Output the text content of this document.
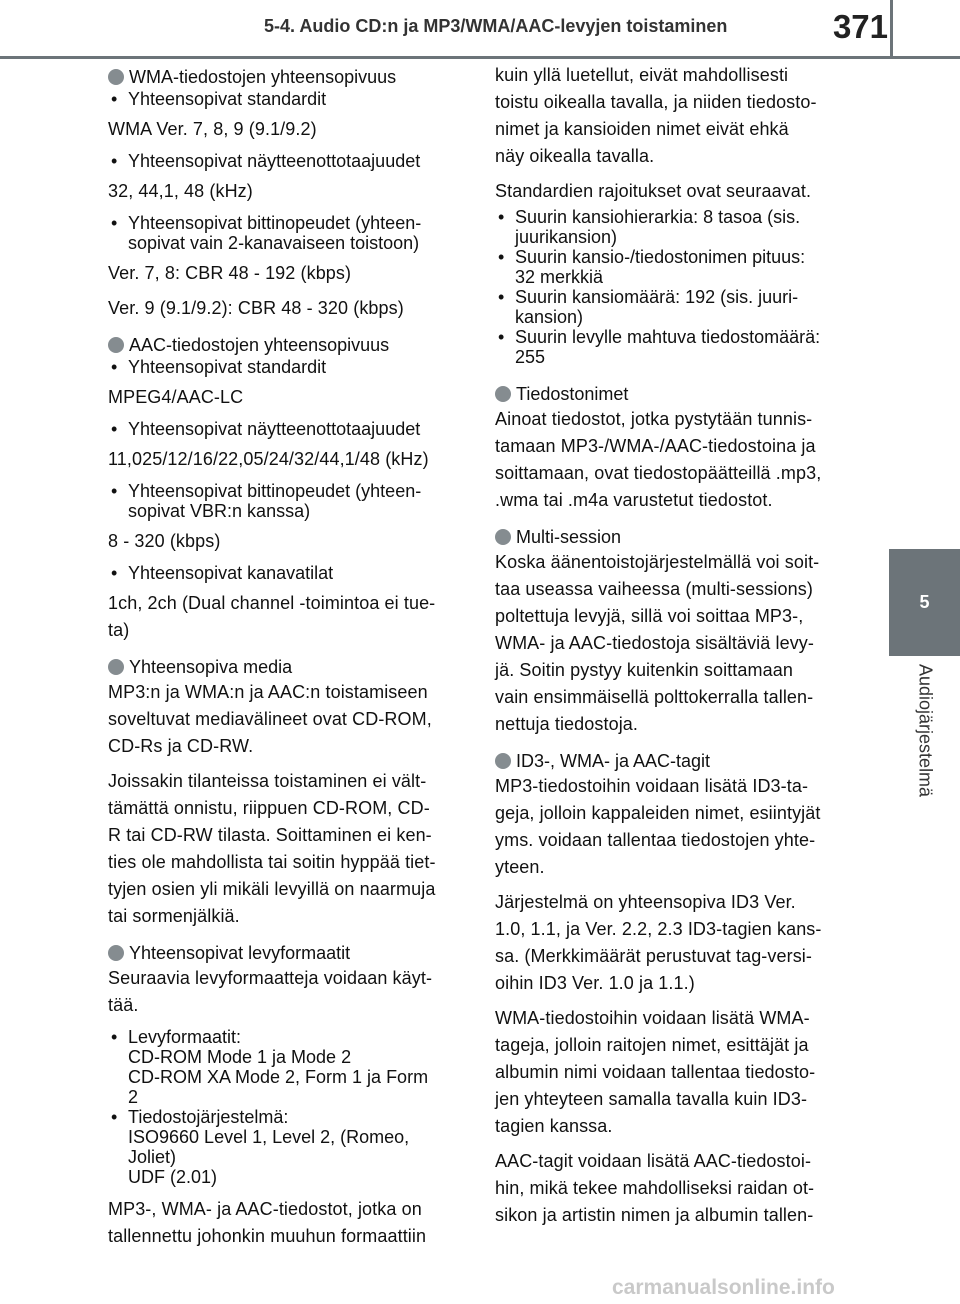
5-4. Audio CD:n ja MP3/WMA/AAC-levyjen toistaminen	371
5
Audiojärjestelmä
WMA-tiedostojen yhteensopivuus
• Yhteensopivat standardit
WMA Ver. 7, 8, 9 (9.1/9.2)
• Yhteensopivat näytteenottotaajuudet
32, 44,1, 48 (kHz)
• Yhteensopivat bittinopeudet (yhteen-
sopivat vain 2-kanavaiseen toistoon)
Ver. 7, 8: CBR 48 - 192 (kbps)
Ver. 9 (9.1/9.2): CBR 48 - 320 (kbps)
AAC-tiedostojen yhteensopivuus
• Yhteensopivat standardit
MPEG4/AAC-LC
• Yhteensopivat näytteenottotaajuudet
11,025/12/16/22,05/24/32/44,1/48 (kHz)
• Yhteensopivat bittinopeudet (yhteen-
sopivat VBR:n kanssa)
8 - 320 (kbps)
• Yhteensopivat kanavatilat
1ch, 2ch (Dual channel -toimintoa ei tue-
ta)
Yhteensopiva media
MP3:n ja WMA:n ja AAC:n toistamiseen
soveltuvat mediavälineet ovat CD-ROM,
CD-Rs ja CD-RW.
Joissakin tilanteissa toistaminen ei vält-
tämättä onnistu, riippuen CD-ROM, CD-
R tai CD-RW tilasta. Soittaminen ei ken-
ties ole mahdollista tai soitin hyppää tiet-
tyjen osien yli mikäli levyillä on naarmuja
tai sormenjälkiä.
Yhteensopivat levyformaatit
Seuraavia levyformaatteja voidaan käyt-
tää.
• Levyformaatit:
CD-ROM Mode 1 ja Mode 2
CD-ROM XA Mode 2, Form 1 ja Form
2
• Tiedostojärjestelmä:
ISO9660 Level 1, Level 2, (Romeo,
Joliet)
UDF (2.01)
MP3-, WMA- ja AAC-tiedostot, jotka on
tallennettu johonkin muuhun formaattiin
kuin yllä luetellut, eivät mahdollisesti
toistu oikealla tavalla, ja niiden tiedosto-
nimet ja kansioiden nimet eivät ehkä
näy oikealla tavalla.
Standardien rajoitukset ovat seuraavat.
• Suurin kansiohierarkia: 8 tasoa (sis.
juurikansion)
• Suurin kansio-/tiedostonimen pituus:
32 merkkiä
• Suurin kansiomäärä: 192 (sis. juuri-
kansion)
• Suurin levylle mahtuva tiedostomäärä:
255
Tiedostonimet
Ainoat tiedostot, jotka pystytään tunnis-
tamaan MP3-/WMA-/AAC-tiedostoina ja
soittamaan, ovat tiedostopäätteillä .mp3,
.wma tai .m4a varustetut tiedostot.
Multi-session
Koska äänentoistojärjestelmällä voi soit-
taa useassa vaiheessa (multi-sessions)
poltettuja levyjä, sillä voi soittaa MP3-,
WMA- ja AAC-tiedostoja sisältäviä levy-
jä. Soitin pystyy kuitenkin soittamaan
vain ensimmäisellä polttokerralla tallen-
nettuja tiedostoja.
ID3-, WMA- ja AAC-tagit
MP3-tiedostoihin voidaan lisätä ID3-ta-
geja, jolloin kappaleiden nimet, esiintyjät
yms. voidaan tallentaa tiedostojen yhte-
yteen.
Järjestelmä on yhteensopiva ID3 Ver.
1.0, 1.1, ja Ver. 2.2, 2.3 ID3-tagien kans-
sa. (Merkkimäärät perustuvat tag-versi-
oihin ID3 Ver. 1.0 ja 1.1.)
WMA-tiedostoihin voidaan lisätä WMA-
tageja, jolloin raitojen nimet, esittäjät ja
albumin nimi voidaan tallentaa tiedosto-
jen yhteyteen samalla tavalla kuin ID3-
tagien kanssa.
AAC-tagit voidaan lisätä AAC-tiedostoi-
hin, mikä tekee mahdolliseksi raidan ot-
sikon ja artistin nimen ja albumin tallen-
carmanualsonline.info
